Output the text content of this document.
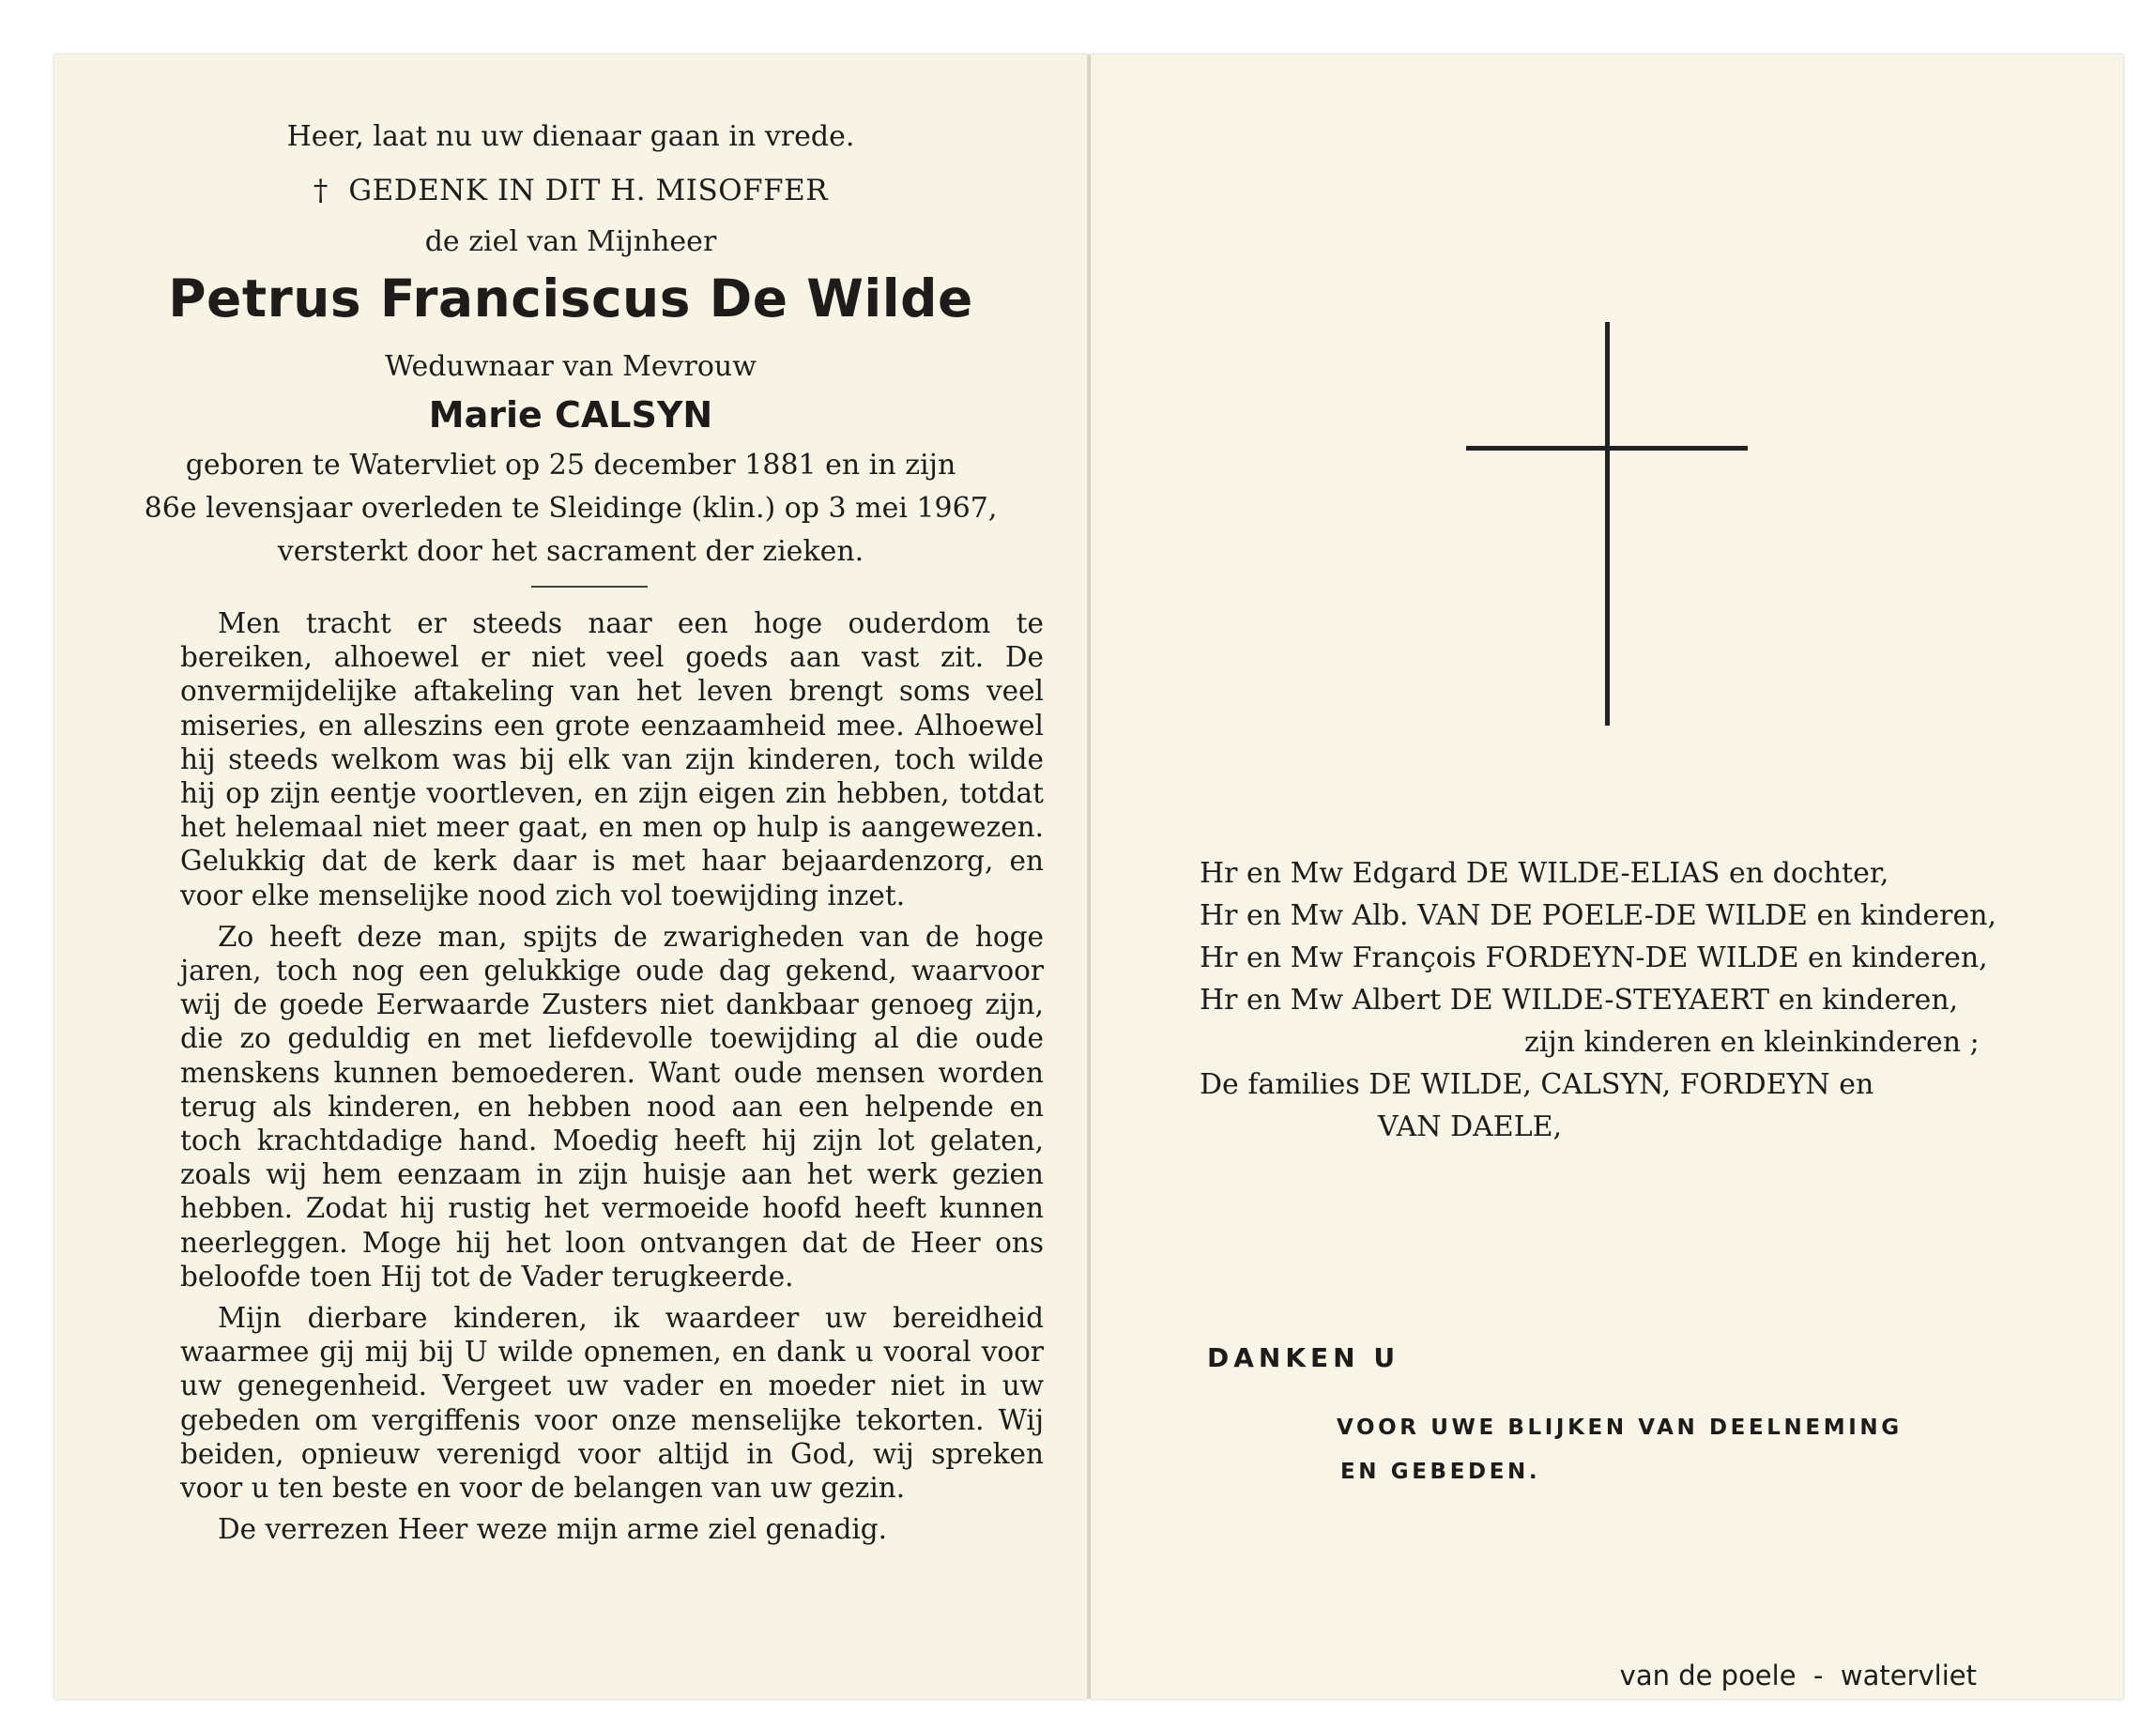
Heer, laat nu uw dienaar gaan in vrede.
† GEDENK IN DIT H. MISOFFER
de ziel van Mijnheer
Petrus Franciscus De Wilde
Weduwnaar van Mevrouw
Marie CALSYN
geboren te Watervliet op 25 december 1881 en in zijn
86e levensjaar overleden te Sleidinge (klin.) op 3 mei 1967,
versterkt door het sacrament der zieken.

Men tracht er steeds naar een hoge ouderdom te bereiken, alhoewel er niet veel goeds aan vast zit. De onvermijdelijke aftakeling van het leven brengt soms veel miseries, en alleszins een grote eenzaamheid mee. Alhoewel hij steeds welkom was bij elk van zijn kinderen, toch wilde hij op zijn eentje voortleven, en zijn eigen zin hebben, totdat het helemaal niet meer gaat, en men op hulp is aangewezen. Gelukkig dat de kerk daar is met haar bejaardenzorg, en voor elke menselijke nood zich vol toewijding inzet.

Zo heeft deze man, spijts de zwarigheden van de hoge jaren, toch nog een gelukkige oude dag gekend, waarvoor wij de goede Eerwaarde Zusters niet dankbaar genoeg zijn, die zo geduldig en met liefdevolle toewijding al die oude menskens kunnen bemoederen. Want oude mensen worden terug als kinderen, en hebben nood aan een helpende en toch krachtdadige hand. Moedig heeft hij zijn lot gelaten, zoals wij hem eenzaam in zijn huisje aan het werk gezien hebben. Zodat hij rustig het vermoeide hoofd heeft kunnen neerleggen. Moge hij het loon ontvangen dat de Heer ons beloofde toen Hij tot de Vader terugkeerde.

Mijn dierbare kinderen, ik waardeer uw bereidheid waarmee gij mij bij U wilde opnemen, en dank u vooral voor uw genegenheid. Vergeet uw vader en moeder niet in uw gebeden om vergiffenis voor onze menselijke tekorten. Wij beiden, opnieuw verenigd voor altijd in God, wij spreken voor u ten beste en voor de belangen van uw gezin.

De verrezen Heer weze mijn arme ziel genadig.

Hr en Mw Edgard DE WILDE-ELIAS en dochter,
Hr en Mw Alb. VAN DE POELE-DE WILDE en kinderen,
Hr en Mw François FORDEYN-DE WILDE en kinderen,
Hr en Mw Albert DE WILDE-STEYAERT en kinderen,
zijn kinderen en kleinkinderen ;
De families DE WILDE, CALSYN, FORDEYN en
VAN DAELE,
DANKEN U
VOOR UWE BLIJKEN VAN DEELNEMING
EN GEBEDEN.
van de poele  -  watervliet
